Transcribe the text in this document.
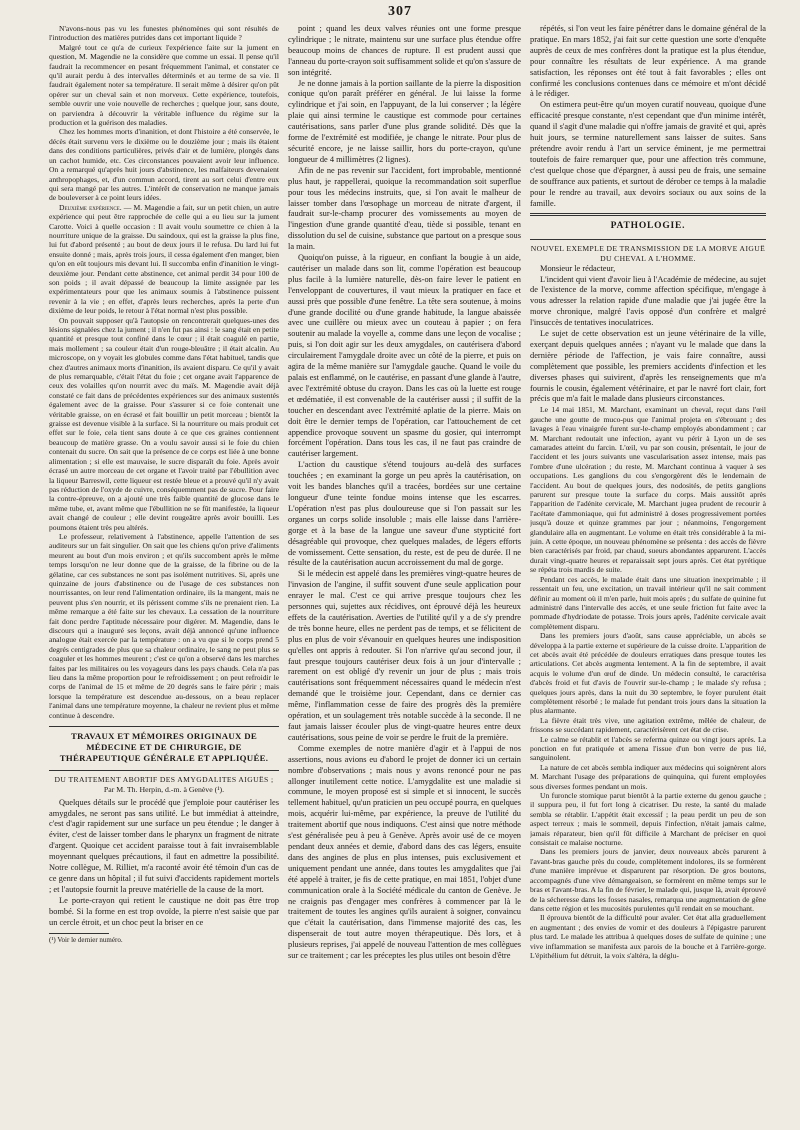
307

N'avons-nous pas vu les funestes phénomènes qui sont résultés de l'introduction des matières putrides dans cet important liquide ?

Malgré tout ce qu'a de curieux l'expérience faite sur la jument en question, M. Magendie ne la considère que comme un essai. Il pense qu'il faudrait la recommencer en pesant fréquemment l'animal, et constater ce qu'il aurait perdu à des intervalles déterminés et au terme de sa vie. Il faudrait également noter sa température. Il serait même à désirer qu'on pût opérer sur un cheval sain et non morveux. Cette expérience, toutefois, semble ouvrir une voie nouvelle de recherches ; quelque jour, sans doute, on parviendra à découvrir la véritable influence du régime sur la production et la guérison des maladies.

Chez les hommes morts d'inanition, et dont l'histoire a été conservée, le décès était survenu vers le dixième ou le douzième jour ; mais ils étaient dans des conditions particulières, privés d'air et de lumière, plongés dans un cachot humide, etc. Ces circonstances pouvaient avoir leur influence. On a remarqué qu'après huit jours d'abstinence, les malfaiteurs devenaient anthropophages, et, d'un commun accord, tirent au sort celui d'entre eux qui sera mangé par les autres. L'intérêt de conservation ne manque jamais de bouleverser à ce point leurs idées.

Deuxième expérience. — M. Magendie a fait, sur un petit chien, un autre expérience qui peut être rapprochée de celle qui a eu lieu sur la jument Carotte. Voici à quelle occasion : Il avait voulu soumettre ce chien à la nourriture unique de la graisse. Du saindoux, qui est la graisse la plus fine, lui fut d'abord présenté ; au bout de deux jours il le refusa. Du lard lui fut ensuite donné ; mais, après trois jours, il cessa également d'en manger, bien qu'on en eût toujours mis devant lui. Il succomba enfin d'inanition le vingt-deuxième jour. Pendant cette abstinence, cet animal perdit 34 pour 100 de son poids ; il avait dépassé de beaucoup la limite assignée par les expérimentateurs pour que les animaux soumis à l'abstinence puissent revenir à la vie ; en effet, d'après leurs recherches, après la perte d'un dixième de leur poids, le retour à l'état normal n'est plus possible.

On pouvait supposer qu'à l'autopsie on rencontrerait quelques-unes des lésions signalées chez la jument ; il n'en fut pas ainsi : le sang était en petite quantité et presque tout confiné dans le cœur ; il était coagulé en partie, mais mollement ; sa couleur était d'un rouge-bleuâtre ; il était alcalin. Au microscope, on y voyait les globules comme dans l'état habituel, tandis que chez d'autres animaux morts d'inanition, ils avaient disparu. Ce qu'il y avait de plus remarquable, c'était l'état du foie ; cet organe avait l'apparence de ceux des volailles qu'on nourrit avec du maïs. M. Magendie avait déjà constaté ce fait dans de précédentes expériences sur des animaux sustentés également avec de la graisse. Pour s'assurer si ce foie contenait une véritable graisse, on en écrasé et fait bouillir un petit morceau ; bientôt la graisse est devenue visible à la surface. Si la nourriture ou mais produit cet effet sur le foie, cela tient sans doute à ce que ces graines contiennent beaucoup de matière grasse. On a voulu savoir aussi si le foie du chien contenait du sucre. On sait que la présence de ce corps est liée à une bonne alimentation ; si elle est mauvaise, le sucre disparaît du foie. Après avoir écrasé un autre morceau de cet organe et l'avoir traité par l'ébullition avec la liqueur Barreswil, cette liqueur est restée bleue et a prouvé qu'il n'y avait pas réduction de l'oxyde de cuivre, conséquemment pas de sucre. Pour faire la contre-épreuve, on a ajouté une très faible quantité de glucose dans le même tube, et, avant même que l'ébullition ne se fût manifestée, la liqueur avait changé de couleur ; elle devint rougeâtre après avoir bouilli. Les poumons étaient très peu altérés.

Le professeur, relativement à l'abstinence, appelle l'attention de ses auditeurs sur un fait singulier. On sait que les chiens qu'on prive d'aliments meurent au bout d'un mois environ ; et qu'ils succombent après le même temps lorsqu'on ne leur donne que de la graisse, de la fibrine ou de la gélatine, car ces substances ne sont pas isolément nutritives. Si, après une quinzaine de jours d'abstinence ou de l'usage de ces substances non nourrissantes, on leur rend l'alimentation ordinaire, ils la mangent, mais ne peuvent plus s'en nourrir, et ils périssent comme s'ils ne prenaient rien. La même remarque a été faite sur les chevaux. La cessation de la nourriture fait donc perdre l'aptitude nécessaire pour digérer. M. Magendie, dans le discours qui a inauguré ses leçons, avait déjà annoncé qu'une influence analogue était exercée par la température : on a vu que si le corps prend 5 degrés centigrades de plus que sa chaleur ordinaire, le sang ne peut plus se coaguler et les hommes meurent ; c'est ce qu'on a observé dans les marches faites par les militaires ou les voyageurs dans les pays chauds. Cela n'a pas lieu dans la même proportion pour le refroidissement ; on peut refroidir le corps de l'animal de 15 et même de 20 degrés sans le faire périr ; mais lorsque la température est descendue au-dessous, on a beau replacer l'animal dans une température moyenne, la chaleur ne revient plus et même continue à descendre.

TRAVAUX ET MÉMOIRES ORIGINAUX DE MÉDECINE ET DE CHIRURGIE, DE THÉRAPEUTIQUE GÉNÉRALE ET APPLIQUÉE.
DU TRAITEMENT ABORTIF DES AMYGDALITES AIGUËS ;
Par M. Th. Herpin, d.-m. à Genève (¹).

Quelques détails sur le procédé que j'emploie pour cautériser les amygdales, ne seront pas sans utilité. Le but immédiat à atteindre, c'est d'agir rapidement sur une surface un peu étendue ; le danger à éviter, c'est de laisser tomber dans le pharynx un fragment de nitrate d'argent. Quoique cet accident paraisse tout à fait invraisemblable moyennant quelques précautions, il faut en admettre la possibilité. Notre collègue, M. Rilliet, m'a raconté avoir été témoin d'un cas de ce genre dans un hôpital ; il fut suivi d'accidents rapidement mortels ; et l'autopsie fournit la preuve matérielle de la cause de la mort.

Le porte-crayon qui retient le caustique ne doit pas être trop bombé. Si la forme en est trop ovoïde, la pierre n'est saisie que par un cercle étroit, et un choc peut la briser en ce

(¹) Voir le dernier numéro.

point ; quand les deux valves réunies ont une forme presque cylindrique ; le nitrate, maintenu sur une surface plus étendue offre beaucoup moins de chances de rupture. Il est prudent aussi que l'anneau du porte-crayon soit suffisamment solide et qu'on s'assure de son intégrité.

Je ne donne jamais à la portion saillante de la pierre la disposition conique qu'on paraît préférer en général. Je lui laisse la forme cylindrique et j'ai soin, en l'appuyant, de la lui conserver ; la légère plaie qui ainsi termine le caustique est commode pour certaines cautérisations, sans parler d'une plus grande solidité. Dès que la forme de l'extrémité est modifiée, je change le nitrate. Pour plus de sécurité encore, je ne laisse saillir, hors du porte-crayon, qu'une longueur de 4 millimètres (2 lignes).

Afin de ne pas revenir sur l'accident, fort improbable, mentionné plus haut, je rappellerai, quoique la recommandation soit superflue pour tous les médecins instruits, que, si l'on avait le malheur de laisser tomber dans l'œsophage un morceau de nitrate d'argent, il faudrait sur-le-champ procurer des vomissements au moyen de l'ingestion d'une grande quantité d'eau, tiède si possible, tenant en dissolution du sel de cuisine, substance que partout on a presque sous la main.

Quoiqu'on puisse, à la rigueur, en confiant la bougie à un aide, cautériser un malade dans son lit, comme l'opération est beaucoup plus facile à la lumière naturelle, dès-on faire lever le patient en l'enveloppant de couvertures, il vaut mieux la pratiquer en face et aussi près que possible d'une fenêtre. La tête sera soutenue, à moins d'une grande docilité ou d'une grande habitude, la langue abaissée avec une cuillère ou mieux avec un couteau à papier ; on fera soutenir au malade la voyelle a, comme dans une leçon de vocalise ; puis, si l'on doit agir sur les deux amygdales, on cautérisera d'abord circulairement l'amygdale droite avec un côté de la pierre, et puis on agira de la même manière sur l'amygdale gauche. Quand le voile du palais est enflammé, on le cautérise, en passant d'une glande à l'autre, avec l'extrémité obtuse du crayon. Dans les cas où la luette est rouge et œdématiée, il est convenable de la cautériser aussi ; il suffit de la toucher en descendant avec l'extrémité aplatie de la pierre. Mais on doit être le dernier temps de l'opération, car l'attouchement de cet appendice provoque souvent un spasme du gosier, qui interrompt forcément l'opération. Dans tous les cas, il ne faut pas craindre de cautériser largement.

L'action du caustique s'étend toujours au-delà des surfaces touchées ; en examinant la gorge un peu après la cautérisation, on voit les bandes blanches qu'il a tracées, bordées sur une certaine longueur d'une teinte fondue moins intense que les escarres. L'opération n'est pas plus douloureuse que si l'on passait sur les organes un corps solide insoluble ; mais elle laisse dans l'arrière-gorge et à la base de la langue une saveur d'une stypticité fort désagréable qui provoque, chez quelques malades, de légers efforts de vomissement. Cette sensation, du reste, est de peu de durée. Il ne résulte de la cautérisation aucun accroissement du mal de gorge.

Si le médecin est appelé dans les premières vingt-quatre heures de l'invasion de l'angine, il suffit souvent d'une seule application pour enrayer le mal. C'est ce qui arrive presque toujours chez les personnes qui, sujettes aux récidives, ont éprouvé déjà les heureux effets de la cautérisation. Averties de l'utilité qu'il y a de s'y prendre de très bonne heure, elles ne perdent pas de temps, et se félicitent de plus en plus de voir s'évanouir en quelques heures une indisposition qu'elles ont appris à redouter. Si l'on n'arrive qu'au second jour, il faut presque toujours cautériser deux fois à un jour d'intervalle ; rarement on est obligé d'y revenir un jour de plus ; mais trois cautérisations sont fréquemment nécessaires quand le médecin n'est demandé que le troisième jour. Cependant, dans ce dernier cas même, l'inflammation cesse de faire des progrès dès la première opération, et un soulagement très notable succède à la seconde. Il ne faut jamais laisser écouler plus de vingt-quatre heures entre deux cautérisations, sous peine de voir se perdre le fruit de la première.

Comme exemples de notre manière d'agir et à l'appui de nos assertions, nous avions eu d'abord le projet de donner ici un certain nombre d'observations ; mais nous y avons renoncé pour ne pas allonger inutilement cette notice. L'amygdalite est une maladie si commune, le moyen proposé est si simple et si innocent, le succès tellement habituel, qu'un praticien un peu occupé pourra, en quelques mois, acquérir lui-même, par expérience, la preuve de l'utilité du traitement abortif que nous indiquons. C'est ainsi que notre méthode s'est généralisée peu à peu à Genève. Après avoir usé de ce moyen pendant deux années et demie, d'abord dans des cas légers, ensuite dans des angines de plus en plus intenses, puis exclusivement et uniquement pendant une année, dans toutes les amygdalites que j'ai été appelé à traiter, je fis de cette pratique, en mai 1851, l'objet d'une communication orale à la Société médicale du canton de Genève. Je ne craignis pas d'engager mes confrères à commencer par là le traitement de toutes les angines qu'ils auraient à soigner, convaincu que c'était la cautérisation, dans l'immense majorité des cas, les dispenserait de tout autre moyen thérapeutique. Dès lors, et à plusieurs reprises, j'ai appelé de nouveau l'attention de mes collègues sur ce traitement ; car les préceptes les plus utiles ont besoin d'être

répétés, si l'on veut les faire pénétrer dans le domaine général de la pratique. En mars 1852, j'ai fait sur cette question une sorte d'enquête auprès de ceux de mes confrères dont la pratique est la plus étendue, pour connaître les résultats de leur expérience. A ma grande satisfaction, les réponses ont été tout à fait favorables ; elles ont confirmé les conclusions contenues dans ce mémoire et m'ont décidé à le rédiger.

On estimera peut-être qu'un moyen curatif nouveau, quoique d'une efficacité presque constante, n'est cependant que d'un minime intérêt, quand il s'agit d'une maladie qui n'offre jamais de gravité et qui, après huit jours, se termine naturellement sans laisser de suites. Sans prétendre avoir rendu à l'art un service éminent, je me permettrai toutefois de faire remarquer que, pour une affection très commune, c'est quelque chose que d'épargner, à aussi peu de frais, une semaine de souffrance aux patients, et surtout de dérober ce temps à la maladie pour le rendre au travail, aux devoirs sociaux ou aux soins de la famille.

PATHOLOGIE.
NOUVEL EXEMPLE DE TRANSMISSION DE LA MORVE AIGUË DU CHEVAL A L'HOMME.

Monsieur le rédacteur,

L'incident qui vient d'avoir lieu à l'Académie de médecine, au sujet de l'existence de la morve, comme affection spécifique, m'engage à vous adresser la relation rapide d'une maladie que j'ai jugée être la morve chronique, malgré l'avis opposé d'un confrère et malgré l'insuccès de tentatives inoculatrices.

Le sujet de cette observation est un jeune vétérinaire de la ville, exerçant depuis quelques années ; n'ayant vu le malade que dans la dernière période de l'affection, je vais faire connaître, aussi complètement que possible, les premiers accidents d'infection et les diverses phases qui suivirent, d'après les renseignements que m'a fournis le cousin, également vétérinaire, et par le navré fort clair, fort précis que m'a fait le malade dans plusieurs circonstances.

Le 14 mai 1851, M. Marchant, examinant un cheval, reçut dans l'œil gauche une goutte de muco-pus que l'animal projeta en s'ébrouant ; des lavages à l'eau vinaigrée furent sur-le-champ employés abondamment ; car M. Marchant redoutait une infection, ayant vu périr à Lyon un de ses camarades atteint du farcin. L'œil, vu par son cousin, présentait, le jour de l'accident et les jours suivants une vascularisation assez intense, mais pas l'ombre d'une ulcération ; du reste, M. Marchant continua à vaquer à ses occupations. Les ganglions du cou s'engorgèrent dès le lendemain de l'accident. Au bout de quelques jours, des nodosités, de petits ganglions parurent sur presque toute la surface du corps. Mais aussitôt après l'apparition de l'adénite cervicale, M. Marchant jugea prudent de recourir à l'acétate d'ammoniaque, qui fut administré à doses progressivement portées jusqu'à douze et quinze grammes par jour ; néanmoins, l'engorgement glandulaire alla en augmentant. Le volume en était très considérable à la mi-juin. A cette époque, un nouveau phénomène se présenta : des accès de fièvre bien caractérisés par froid, par chaud, sueurs abondantes apparurent. L'accès durait vingt-quatre heures et reparaissait sept jours après. Cet état pyrétique se répéta trois mardis de suite.

Pendant ces accès, le malade était dans une situation inexprimable ; il ressentait un feu, une excitation, un travail intérieur qu'il ne sait comment définir au moment où il m'en parle, huit mois après ; du sulfate de quinine fut administré dans l'intervalle des accès, et une seule friction fut faite avec la pommade d'hydriodate de potasse. Trois jours après, l'adénite cervicale avait complètement disparu.

Dans les premiers jours d'août, sans cause appréciable, un abcès se développa à la partie externe et supérieure de la cuisse droite. L'apparition de cet abcès avait été précédée de douleurs erratiques dans presque toutes les articulations. Cet abcès augmenta lentement. A la fin de septembre, il avait acquis le volume d'un œuf de dinde. Un médecin consulté, le caractérisa d'abcès froid et fut d'avis de l'ouvrir sur-le-champ ; le malade s'y refusa ; quelques jours après, dans la nuit du 30 septembre, le foyer purulent était complètement résorbé ; le malade fut pendant trois jours dans la situation la plus alarmante.

La fièvre était très vive, une agitation extrême, mêlée de chaleur, de frissons se succédant rapidement, caractérisèrent cet état de crise.

Le calme se rétablit et l'abcès se referma quinze ou vingt jours après. La ponction en fut pratiquée et amena l'issue d'un bon verre de pus lié, sanguinolent.

La nature de cet abcès sembla indiquer aux médecins qui soignèrent alors M. Marchant l'usage des préparations de quinquina, qui furent employées sous diverses formes pendant un mois.

Un furoncle stomique parut bientôt à la partie externe du genou gauche ; il suppura peu, il fut fort long à cicatriser. Du reste, la santé du malade sembla se rétablir. L'appétit était excessif ; la peau perdit un peu de son aspect terreux ; mais le sommeil, depuis l'infection, n'était jamais calme, jamais réparateur, bien qu'il fût difficile à Marchant de préciser en quoi consistait ce malaise nocturne.

Dans les premiers jours de janvier, deux nouveaux abcès parurent à l'avant-bras gauche près du coude, complètement indolores, ils se formèrent d'une manière imprévue et disparurent par résorption. De gros boutons, accompagnés d'une vive démangeaison, se formèrent en même temps sur le bras et l'avant-bras. A la fin de février, le malade qui, jusque là, avait éprouvé de la sécheresse dans les fosses nasales, remarqua une augmentation de gêne dans cette région et les mucosités purulentes qu'il rendait en se mouchant.

Il éprouva bientôt de la difficulté pour avaler. Cet état alla graduellement en augmentant ; des envies de vomir et des douleurs à l'épigastre parurent plus tard. Le malade les attribua à quelques doses de sulfate de quinine ; une vive inflammation se manifesta aux parois de la bouche et à l'arrière-gorge. L'épithélium fut détruit, la voix s'altéra, la déglu-
